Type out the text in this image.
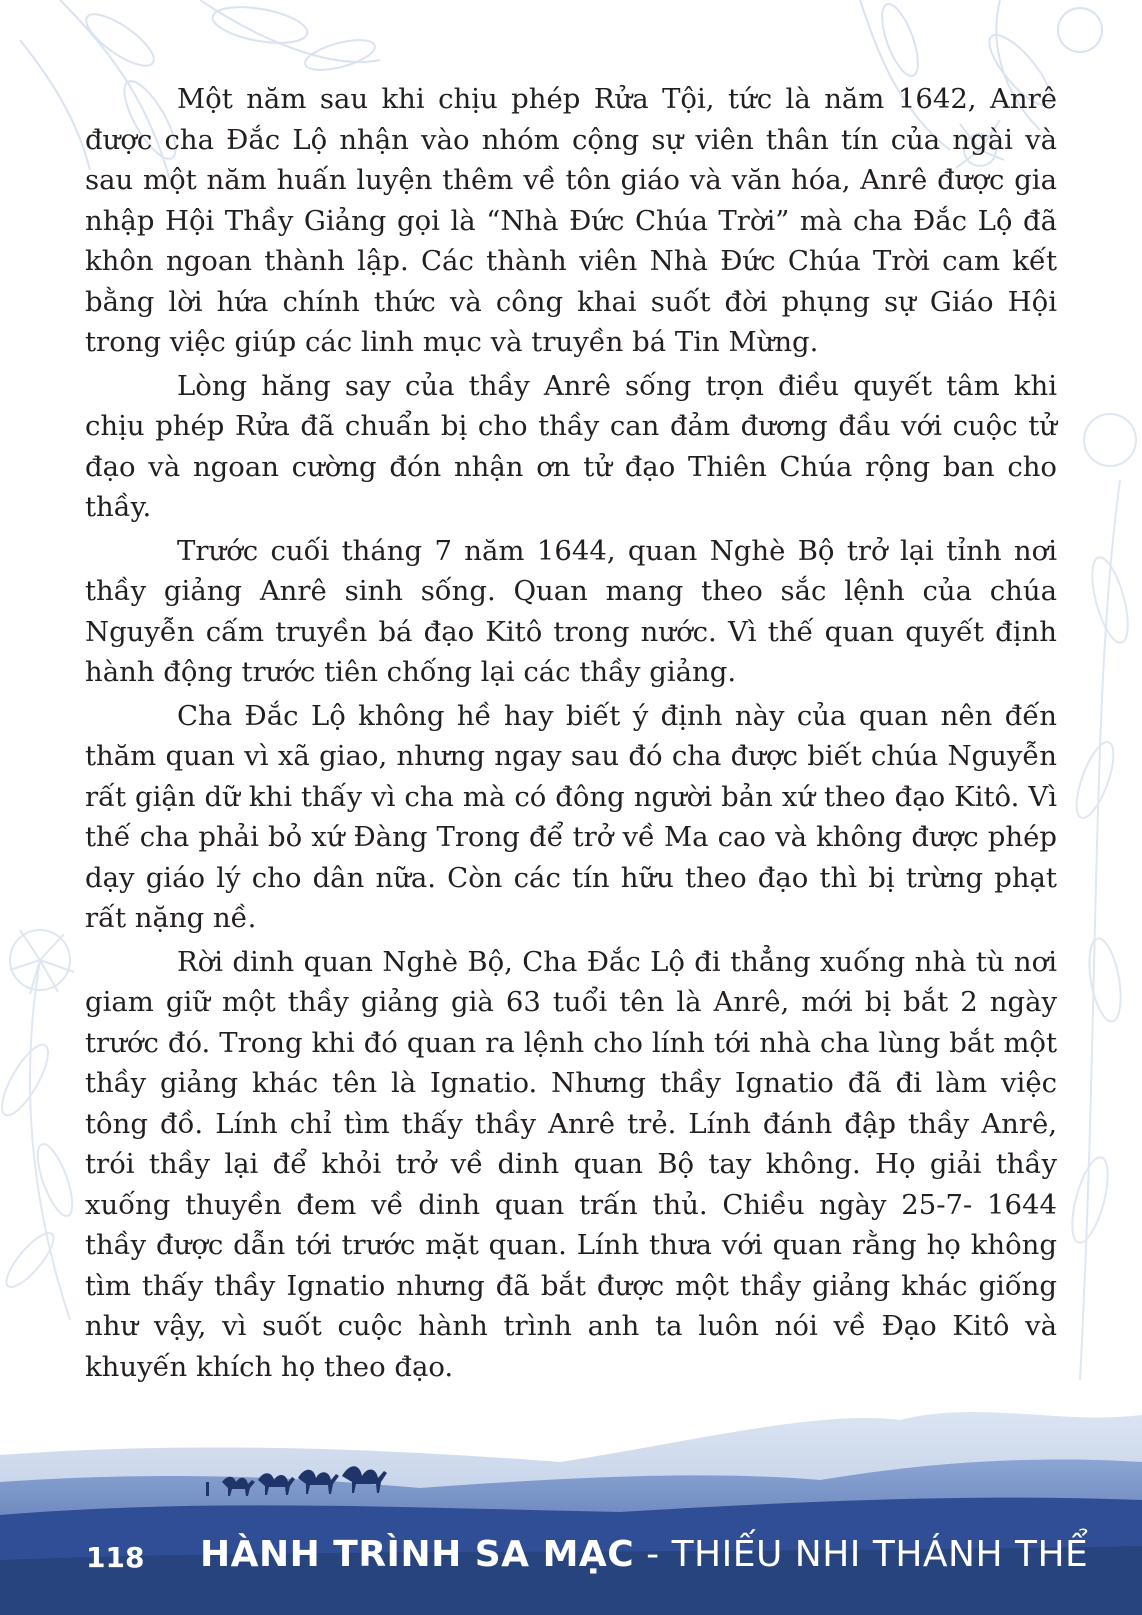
Một năm sau khi chịu phép Rửa Tội, tức là năm 1642, Anrê được cha Đắc Lộ nhận vào nhóm cộng sự viên thân tín của ngài và sau một năm huấn luyện thêm về tôn giáo và văn hóa, Anrê được gia nhập Hội Thầy Giảng gọi là “Nhà Đức Chúa Trời” mà cha Đắc Lộ đã khôn ngoan thành lập. Các thành viên Nhà Đức Chúa Trời cam kết bằng lời hứa chính thức và công khai suốt đời phụng sự Giáo Hội trong việc giúp các linh mục và truyền bá Tin Mừng.

Lòng hăng say của thầy Anrê sống trọn điều quyết tâm khi chịu phép Rửa đã chuẩn bị cho thầy can đảm đương đầu với cuộc tử đạo và ngoan cường đón nhận ơn tử đạo Thiên Chúa rộng ban cho thầy.

Trước cuối tháng 7 năm 1644, quan Nghè Bộ trở lại tỉnh nơi thầy giảng Anrê sinh sống. Quan mang theo sắc lệnh của chúa Nguyễn cấm truyền bá đạo Kitô trong nước. Vì thế quan quyết định hành động trước tiên chống lại các thầy giảng.

Cha Đắc Lộ không hề hay biết ý định này của quan nên đến thăm quan vì xã giao, nhưng ngay sau đó cha được biết chúa Nguyễn rất giận dữ khi thấy vì cha mà có đông người bản xứ theo đạo Kitô. Vì thế cha phải bỏ xứ Đàng Trong để trở về Ma cao và không được phép dạy giáo lý cho dân nữa. Còn các tín hữu theo đạo thì bị trừng phạt rất nặng nề.

Rời dinh quan Nghè Bộ, Cha Đắc Lộ đi thẳng xuống nhà tù nơi giam giữ một thầy giảng già 63 tuổi tên là Anrê, mới bị bắt 2 ngày trước đó. Trong khi đó quan ra lệnh cho lính tới nhà cha lùng bắt một thầy giảng khác tên là Ignatio. Nhưng thầy Ignatio đã đi làm việc tông đồ. Lính chỉ tìm thấy thầy Anrê trẻ. Lính đánh đập thầy Anrê, trói thầy lại để khỏi trở về dinh quan Bộ tay không. Họ giải thầy xuống thuyền đem về dinh quan trấn thủ. Chiều ngày 25-7- 1644 thầy được dẫn tới trước mặt quan. Lính thưa với quan rằng họ không tìm thấy thầy Ignatio nhưng đã bắt được một thầy giảng khác giống như vậy, vì suốt cuộc hành trình anh ta luôn nói về Đạo Kitô và khuyến khích họ theo đạo.

118 HÀNH TRÌNH SA MẠC - THIẾU NHI THÁNH THỂ
